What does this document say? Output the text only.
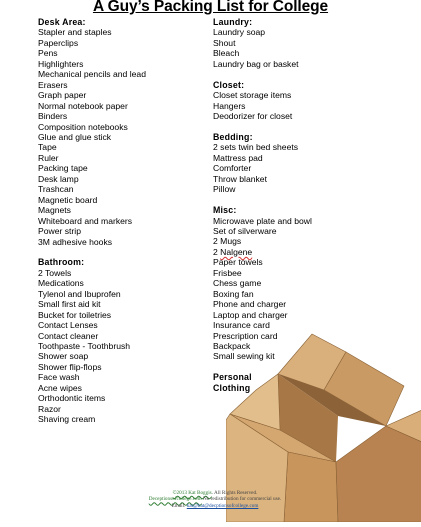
A Guy’s Packing List for College
Desk Area:
Stapler and staples
Paperclips
Pens
Highlighters
Mechanical pencils and lead
Erasers
Graph paper
Normal notebook paper
Binders
Composition notebooks
Glue and glue stick
Tape
Ruler
Packing tape
Desk lamp
Trashcan
Magnetic board
Magnets
Whiteboard and markers
Power strip
3M adhesive hooks
Bathroom:
2 Towels
Medications
Tylenol and Ibuprofen
Small first aid kit
Bucket for toiletries
Contact Lenses
Contact cleaner
Toothpaste - Toothbrush
Shower soap
Shower flip-flops
Face wash
Acne wipes
Orthodontic items
Razor
Shaving cream
Laundry:
Laundry soap
Shout
Bleach
Laundry bag or basket
Closet:
Closet storage items
Hangers
Deodorizer for closet
Bedding:
2 sets twin bed sheets
Mattress pad
Comforter
Throw blanket
Pillow
Misc:
Microwave plate and bowl
Set of silverware
2 Mugs
2 Nalgene
Paper towels
Frisbee
Chess game
Boxing fan
Phone and charger
Laptop and charger
Insurance card
Prescription card
Backpack
Small sewing kit
Personal
Clothing
©2013 Kat Boggis. All Rights Reserved.
Deceptionsofcollege.com No redistribution for commercial use.
Email: kat@kat@decptionsofcollege.com
